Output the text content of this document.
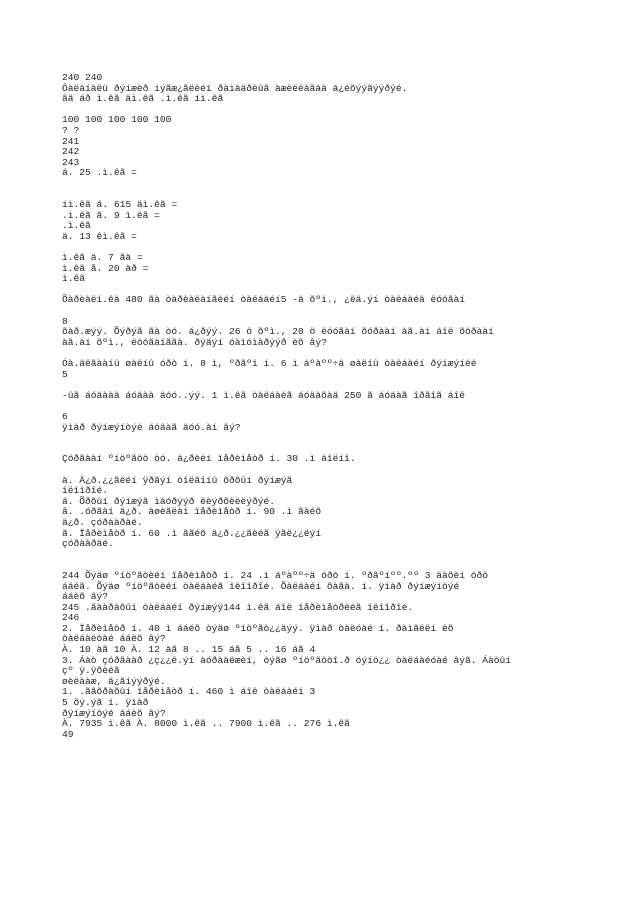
240 240
Ôàëàíàëü ðýíæèð íýãæ¿ãëèéí ðàìàäðëûã àæèëëàãàà á¿éõýýãýýðýé.
ãä áð ì.êã äì.êã .ì.êã íì.êã
100 100 100 100 100
? ?
241
242
243
á. 25 .ì.êã =
íì.êã á. 615 äì.êã =
.ì.êã ã. 9 ì.êã =
.ì.êã
ä. 13 êì.êã =
ì.êã ä. 7 ãà =
ì.êã å. 20 àð =
ì.êã
Õàðèàëí.êä 480 ãà òàðèàëàíãèéí òàëáàéí5 -ä õºì., ¿ëä.ýí òàëáàéä ëóóãàí
8
õàð.æýý. Õýðýã ãà òó. á¿ðýý. 26 ö õºì., 20 ö ëóóãàí õóðààí àã.àí áîë õóðààí
àã.àí õºì., ëóóãàíããà. ðýäýí óàìóìàðýýð èõ âý?
Óà.äëãààíû øàëíû óðò í. 8 ì, ºðãºí í. 6 ì áºàºº÷ä øàëíû òàëáàéí ðýíæýíéé
5
-ûã áóäààä áóäàà äóó..ýý. 1 ì.êã òàëáàéã áóäàõàä 250 ã áóäàã îðãîã áîë
6
ÿìàð ðýíæýíòýé áóäàã äóó.àí âý?
Çóðãààí ºíöºãöò òó. á¿ðèéí ïåðèìåòð í. 30 .ì áîëíî.
à. Ä¿ð.¿¿ãèéí ÿðãýí òîëãîíû õðõûí ðýíæýã
îëîîðîé.
á. Õðõûí ðýíæýã ìàóðýýð ëèýðõèëëýðýé.
â. .óðãàí ä¿ð. àøèãëàí ïåðèìåòð í. 90 .ì ãàéõ
ä¿ð. çóðààðàé.
ã. Ïåðèìåòð í. 60 .ì ããéõ ä¿ð.¿¿ãèéã ÿãë¿¿ëýí
çóðààðàé.
244 Õýäø ºíöºãòèéí ïåðèìåòð í. 24 .ì áºàºº÷ä óðò í. ºðãºíºº.ºº 3 äàõèí óðò
ááéã. Õýäø ºíöºãòèéí òàëáàéã îëîîðîé. Õàëáàéí õàãà. í. ÿìàð ðýíæýíòýé
ááèõ âý?
245 .ãààðàõûí òàëáàéí ðýíæýÿ144 ì.êã áîë ïåðèìåòðèéã îëîîðîé.
246
2. Ïåðèìåòð í. 40 ì ááéõ òýäø ºíöºãò¿¿äýý. ÿìàð òàëóàé í. ðàìãëëí èõ
òàëáàéòàé ááèõ âý?
À. 10 àã 10 À. 12 àã 8 .. 15 áã 5 .. 16 áã 4
3. Áàò çóðãààð ¿ç¿¿ë.ýí àóðààëæèí, òýãø ºíöºãòòî.ð óýíö¿¿ òàëáàéóàé âýã. Áàòûí
çº ÿ.ÿõèéã
øèëààæ, ä¿ãíýýðýé.
1. .ããõðàõûí ïåðèìåòð í. 460 ì áîë òàëáàéí 3
5 õý.ýã í. ÿìàð
ðýíæýíòýé ááèõ âý?
À. 7935 ì.êã À. 8000 ì.êã .. 7900 ì.êã .. 276 ì.êã
49
